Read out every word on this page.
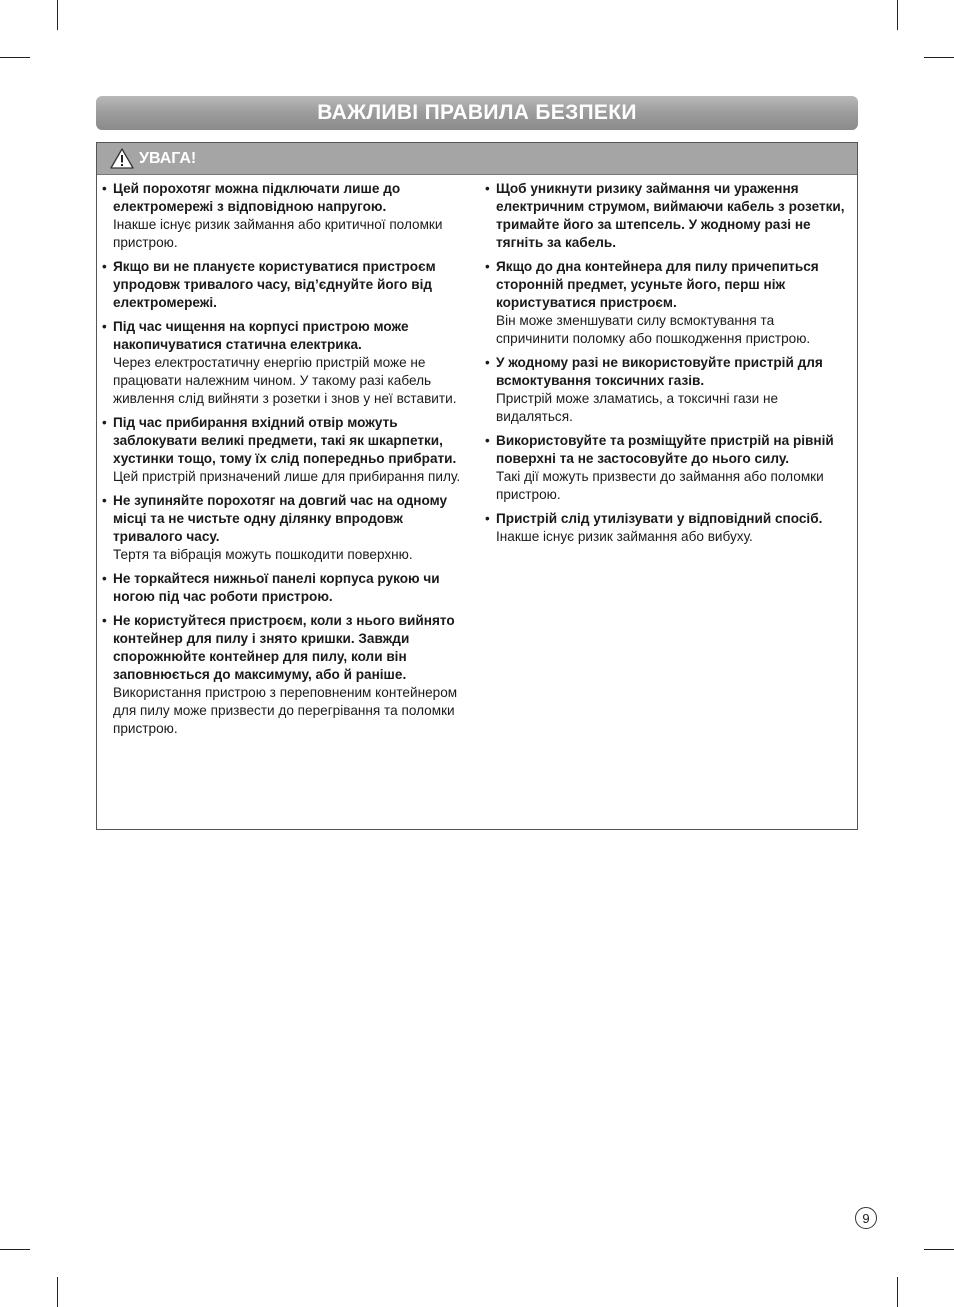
ВАЖЛИВІ ПРАВИЛА БЕЗПЕКИ
УВАГА!
• Цей порохотяг можна підключати лише до електромережі з відповідною напругою.
Інакше існує ризик займання або критичної поломки пристрою.
• Якщо ви не плануєте користуватися пристроєм упродовж тривалого часу, від’єднуйте його від електромережі.
• Під час чищення на корпусі пристрою може накопичуватися статична електрика.
Через електростатичну енергію пристрій може не працювати належним чином. У такому разі кабель живлення слід вийняти з розетки і знов у неї вставити.
• Під час прибирання вхідний отвір можуть заблокувати великі предмети, такі як шкарпетки, хустинки тощо, тому їх слід попередньо прибрати.
Цей пристрій призначений лише для прибирання пилу.
• Не зупиняйте порохотяг на довгий час на одному місці та не чистьте одну ділянку впродовж тривалого часу.
Тертя та вібрація можуть пошкодити поверхню.
• Не торкайтеся нижньої панелі корпуса рукою чи ногою під час роботи пристрою.
• Не користуйтеся пристроєм, коли з нього вийнято контейнер для пилу і знято кришки. Завжди спорожнюйте контейнер для пилу, коли він заповнюється до максимуму, або й раніше.
Використання пристрою з переповненим контейнером для пилу може призвести до перегрівання та поломки пристрою.
• Щоб уникнути ризику займання чи ураження електричним струмом, виймаючи кабель з розетки, тримайте його за штепсель. У жодному разі не тягніть за кабель.
• Якщо до дна контейнера для пилу причепиться сторонній предмет, усуньте його, перш ніж користуватися пристроєм.
Він може зменшувати силу всмоктування та спричинити поломку або пошкодження пристрою.
• У жодному разі не використовуйте пристрій для всмоктування токсичних газів.
Пристрій може зламатись, а токсичні гази не видаляться.
• Використовуйте та розміщуйте пристрій на рівній поверхні та не застосовуйте до нього силу.
Такі дії можуть призвести до займання або поломки пристрою.
• Пристрій слід утилізувати у відповідний спосіб.
Інакше існує ризик займання або вибуху.
9
